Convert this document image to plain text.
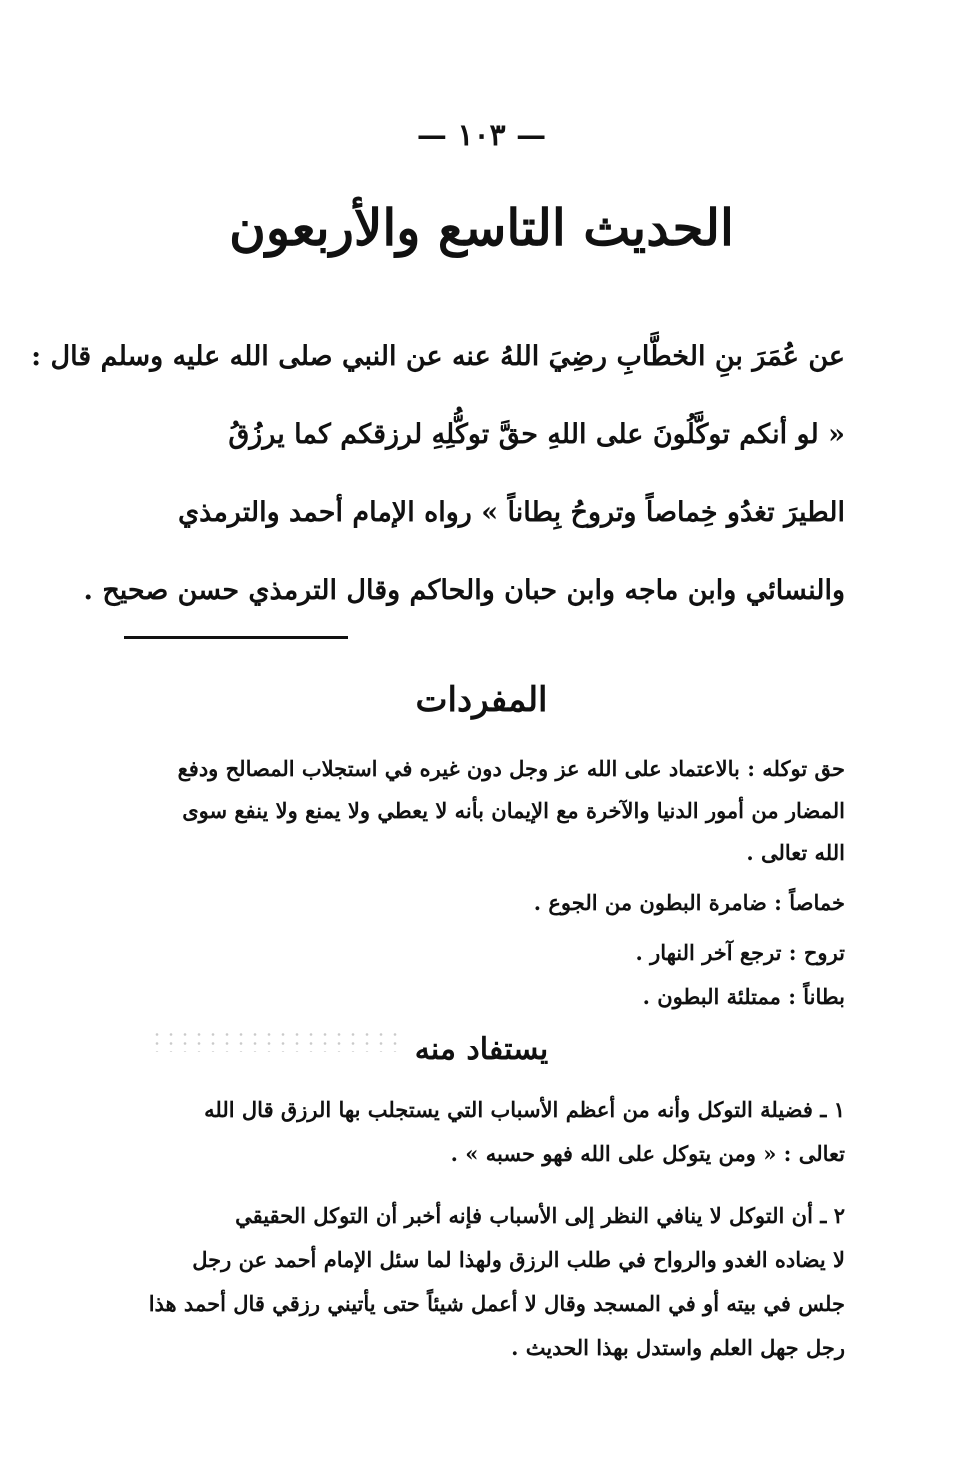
— ١٠٣ —
الحديث التاسع والأربعون
عن عُمَرَ بنِ الخطَّابِ رضِيَ اللهُ عنه عن النبي صلى الله عليه وسلم قال :
« لو أنكم توكَّلُونَ على اللهِ حقَّ توكُّلِهِ لرزقكم كما يرزُقُ
الطيرَ تغدُو خِماصاً وتروحُ بِطاناً » رواه الإمام أحمد والترمذي
والنسائي وابن ماجه وابن حبان والحاكم وقال الترمذي حسن صحيح .
المفردات
حق توكله : بالاعتماد على الله عز وجل دون غيره في استجلاب المصالح ودفع
المضار من أمور الدنيا والآخرة مع الإيمان بأنه لا يعطي ولا يمنع ولا ينفع سوى
الله تعالى .
خماصاً : ضامرة البطون من الجوع .
تروح : ترجع آخر النهار .
بطاناً : ممتلئة البطون .
يستفاد منه
١ ـ فضيلة التوكل وأنه من أعظم الأسباب التي يستجلب بها الرزق قال الله
تعالى : « ومن يتوكل على الله فهو حسبه » .
٢ ـ أن التوكل لا ينافي النظر إلى الأسباب فإنه أخبر أن التوكل الحقيقي
لا يضاده الغدو والرواح في طلب الرزق ولهذا لما سئل الإمام أحمد عن رجل
جلس في بيته أو في المسجد وقال لا أعمل شيئاً حتى يأتيني رزقي قال أحمد هذا
رجل جهل العلم واستدل بهذا الحديث .
